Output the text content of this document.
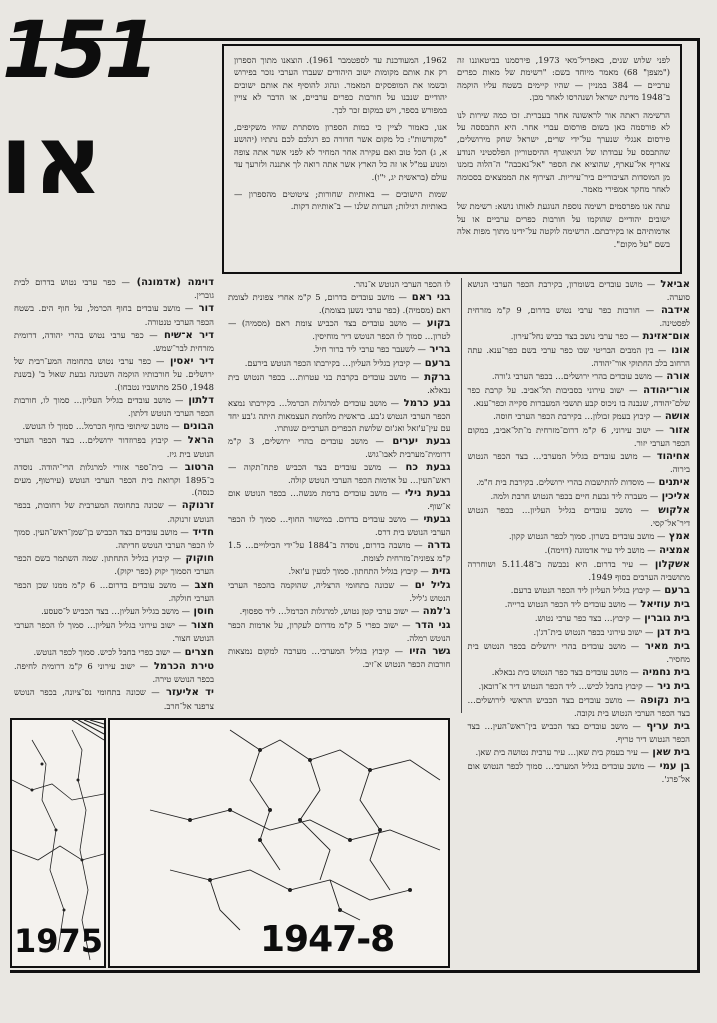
151
או

לפני שלוש שנים, באפריל־מאי 1973, פירסמנו בביטאוננו זה ("מצפן" 68) מאמר מיוחד בשם: "רשימת של מאות כפרים ערביים — 384 במניין — שהיו קיימים בשטח עליו הוקמה ב־1948 מדינת ישראל ושנהרסו לאחר מכן.

הרשימה ראתה אור לראשונה אחר בעברית. זכו כמה שירות לנו לא פורסמה כאן בשום פורסום עברי אחר. היא התבססה על פירסום אנגלי שנערך על־ידי שרים, ישראל שחק מירושלים, שהתבסס על עבודתו של הגיאוגרף ההיסטוריון הפלסטיני הנודע צאריף אל־עארף, שהוציא את הספר "אל־נאכבה" ה־הלוה בזמנו מן המוסדות הציבוריים ביר־עיריות. הצירוף את הממצאים בסכומה לאחר מחקר אמפירי מאמר.

עתה אנו מפרסמים רשימה נוספת הנוגעת לאותו נושא: רשימת של ישובים יהודיים שהוקמו על חורבות כפרים ערביים או על אדמותיהם או בקירבתם. הרשימה לוקטה על־ידינו מתוך מפות אלה בשם "על מקום".

1962, המעודכנת עד לספטמבר 1961). הוצאנו מתוך הספרון רק את אותם מקומות ישוב היהודים שעברו הערבי נזכר בפירוש ובשמו את המופסקים המאמר. ונהוג להוסיף את אותם ישובים יהודיים שנבנו על חורבות כפרים ערביים, או הדבר לא צויין במפורש בספר, ויש במקום זכר לכך.

אנו, כאמור לציין כי כמות הספרון מוסתרת שהיו משקיפים, "מקודשות": כל מקום אשר חדורה כפ רגלכם לכם נתתיו (יהושע א, ג) הכל טוב ואם עקירה אחר המחיר לא לפני אשר אתה צופה ומנוע עמ"ל או זה כל הארץ אשר אתה רואה לך אתננה ולזרעך עד עולם (בראשית יג, י"ו).

שמות הישובים — באותיות שחורות; ציטוטים מהספרון — באותיות רגילות; הערות שלנו — ב־אותיות דקות.

אביאל — מושב עובדים בשומרון, בקירבת הכפר הערבי הנושא סוערה.
אידבה — חורבות כפר ערבי נטוש בדרום, 9 ק"מ מזרחית לפסטינה.
אום־אזינת — כפר ערבי נושב בצד כביש נחל־עירון.
אונו — בין המבים הבריטי שבו כפר ערבי בשם כפר־ענא. עתה הרחוב בלב החתוקי אור־יהודה.
אורה — מושב עובדים בהרי ירושלים… בכפר הערבי ג'ורה.
אור־יהודה — ישוב עירוני בסביבות תל־אביב. על קרבת כפר שלם־יהודה, שנבנה בו ניכוס קבע תושבי המעברות סקייה וכפר־ענא.
אושה — קיבוץ בעמק זבולון… בקירבת הכפר הערבי חוסה.
אזור — ישוב עירוני, 6 ק"מ דרום־מזרחית מ־תל־אביב, במקום הכפר הערבי יזור.
אחיהוד — מושב עובדים בגליל המערבי… בצד הכפר הנטוש בירוה.
איתנים — מוסדות להתישבות בהרי ירושלים. בקירבת בית ח"מ.
אליכין — מעברה ליד גבעת חיים בכפר הנטוש חרבת ולמה.
אלקוש — מושב עובדים בגליל העליון… בכפר הנטוש דיר־אל־קסי.
אמץ — מושב עובדים בשרון. סמוך לכפר הנטוש קקון.
אמציה — מושב ליד עיר אדמונה (דוימה).
אשקלון — עיר בדרום. היא נכבשה ב־5.11.48 ושוחררה מתושביה הערבים בסוף 1949.
ברעם — קיבוץ בגליל העליון ליד הכפר הנטוש ברעם.
בית עוזיאל — מושב עובדים ליד הכפר הנטוש ברייה.
בית גוברין — קיבוץ… בצד כפר ערבי נטוש.
בית דגן — ישוב עירוני בכפר הנטוש בית־דג'ן.
בית מאיר — מושב עובדים בהרי ירושלים בכפר הנטוש בית מחסיר.
בית נחמיה — מושב עובדים בצד כפר הנטוש בית נבאלא.
בית ניר — קיבוץ בחבל לכיש… ליד הכפר הנטוש דיר א־דובאן.
בית נקופה — מושב עובדים בצד הכביש הראשי לירושלים… בצד הכפר הערבי הנטוש בית נקובה.
בית עריף — מושב עובדים בצד הכביש בין־ראש־העין… בצד הכפר הנטוש דיר טריף.
בית שאן — עיר בעמק בית שאן… עיר ערבית נטושה בית שאן.
בן עמי — מושב עובדים בגליל המערבי… סמוך לכפר הנטוש אום אל־פרג'.
לו הכפר הערבי הנוטש א־נהר.
בני ראם — מושב עובדים בדרום, 5 ק"מ אחרי צפונית לצומת ראם (מסמיה). (כפר ערבי נשען בצומת).
בקוע — מושב עובדים בצד הכביש צומת ראם (מסמיה) — לטרון… סמוך לו הכפר הנוטש דיר מוחיסין.
בריר — לשעבר כפר ערבי ליד ברור חיל.
ברעם — קיבוץ בגליל העליון… בקירבתו הכפר הנוטש בירעם.
ברקת — מושב עובדים בקרבת בני עטרות… בכפר הנטוש בית נבאלא.
גבע כרמל — מושב עובדים למרגלות הכרמל… בקירבתו נמצא הכפר הערבי הנטוש ג'בע. בראשית מלחמת העצמאות היתה ג'בע יחד עם עין־ע'זאל ואג'זם שלושת הכפרים הערביים שנותרו.
גבעת יערים — מושב עובדים בהרי ירושלים, 3 ק"מ דרומית־מערבית לאבו־גוש.
גבעת כח — מושב עובדים בצד הכביש פתח־תקוה — ראש־העין… על אדמות הכפר הערבי הנוטש קולה.
גבעת נילי — מושב עובדים ברמת מנשה… בכפר הנוטש אום א־שוף.
גבעתי — מושב עובדים בדרום. במישור החוף… סמוך לו הכפר הערבי הנוטש בית דרס.
גדרה — מושבה בדרום, נוסדה ב־1884 על־ידי הבילויים… 1.5 ק"מ צפונית־מזרחית לצומת.
גזית — קיבוץ בגליל התחתון. סמוך למעין ע'זאל.
גליל ים — שכונה בתחומי הרצליה, שהוקמה בהכפר הערבי הנטוש ג'ליל.
ג'למה — ישוב ערבי קטן נטוש, למרגלות הכרמל… ליד ספסוף.
גני הדר — ישוב כפרי 5 ק"מ מדרום לעקרון, על אדמות הכפר הנוטש רמלה.
גשר הזיו — קיבוץ בגליל המערבי… מערבה למקום נמצאות חורבות הכפר הנטוש א־זיב.
1975	1947-8
דוימה (אדמונה) — כפר ערבי נטוש בדרום לבית גוברין.
דור — מושב עובדים בחוף הכרמל, על חוף הים. בשטח הכפר הערבי טנטורה.
דיר א־שיח — כפר ערבי נטוש בהרי יהודה, דרומית מזרחית לבר־שמש.
דיר יאסין — כפר ערבי נטוש בתחומה המע־רבית של ירושלים. על חורבותיו הוקמה השכונה גבעת שאול ב' (בשנת 1948, 250 מתושביו נטבחו).
דלתון — מושב עובדים בגליל העליון… סמוך לו, חורבות הכפר הערבי הנוטש דלתון.
הבונים — מושב שיתופי בחוף הכרמל… סמוך לו הנוטש.
הראל — קיבוץ בפרוזדור ירושלים… בצד הכפר הערבי הנוטש בית גיז.
הרטוב — בית־ספר אזורי למרגלות הרי־יהודה. נוסדה ב־1895 וקרואת בית הכפר הערבי הנוטש (עירטוף, מעים כנסה).
זרנוקה — שכונה בתחומה המערבית של רחובות, בכפר הנוטש זרנוקה.
חדיד — מושב עובדים בצד הכביש בן־שמן־ראש־העין. סמוך לו הכפר הערבי הנוטש חדיתה.
חוקוק — קיבוץ בגליל התחתון. שמה השתמר בשם הכפר הערבי הסמוך יקוק (כפר יקוק).
חצב — מושב עובדים בדרום… 6 ק"מ ממנו שכן הכפר הערבי חולקה.
חוסן — מושב בגליל העליון… בצד הכביש ל־סעסע.
חצור — ישוב עירוני בגליל העליון… סמוך לו הכפר הערבי הנוטש חצור.
חצרים — ישוב כפרי בחבל לכיש. סמוך לכפר הנוטש.
טירת הכרמל — ישוב עירוני 6 ק"מ דרומית לחיפה. בכפר הנוטש טירה.
יד אליעזר — שכונה בתחומי נס־ציונה, בכפר הנוטש צרפנד אל־חרב.
